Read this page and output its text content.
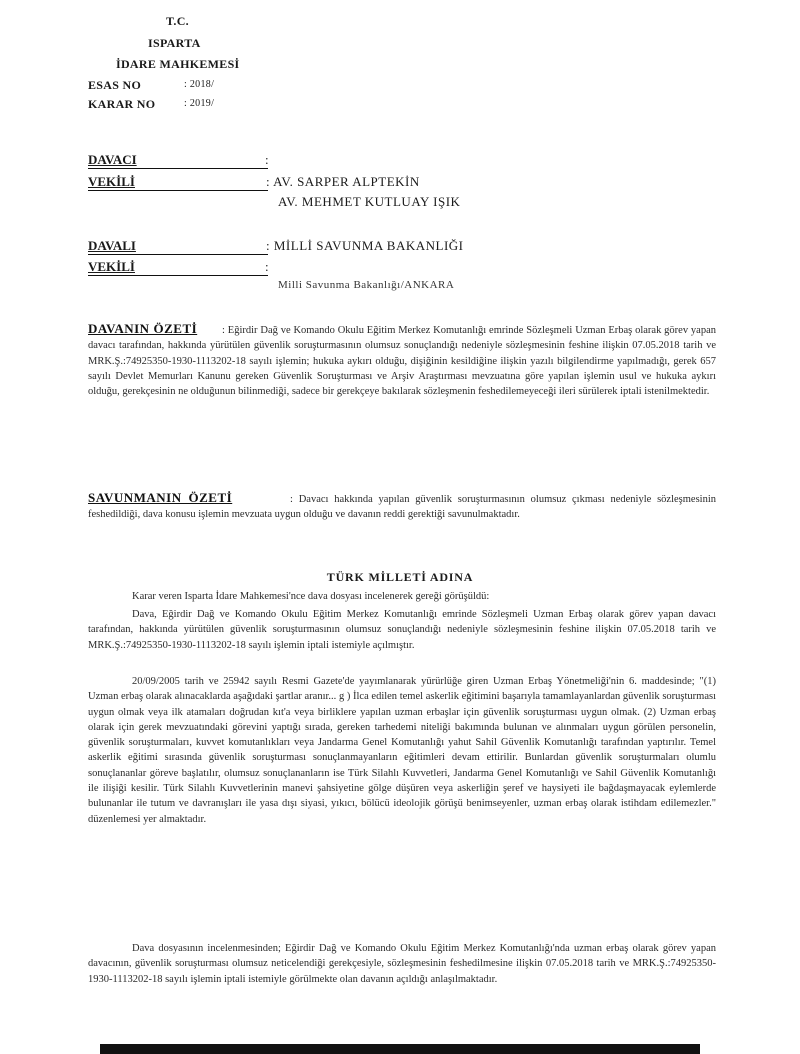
T.C.
ISPARTA
İDARE MAHKEMESİ
ESAS NO	: 2018/
KARAR NO	: 2019/
DAVACI	:
VEKİLİ	: AV. SARPER ALPTEKİN
AV. MEHMET KUTLUAY IŞIK
DAVALI	: MİLLİ SAVUNMA BAKANLIĞI
VEKİLİ	:
Milli Savunma Bakanlığı/ANKARA
DAVANIN ÖZETİ : Eğirdir Dağ ve Komando Okulu Eğitim Merkez Komutanlığı emrinde Sözleşmeli Uzman Erbaş olarak görev yapan davacı tarafından, hakkında yürütülen güvenlik soruşturmasının olumsuz sonuçlandığı nedeniyle sözleşmesinin feshine ilişkin 07.05.2018 tarih ve MRK.Ş.:74925350-1930-1113202-18 sayılı işlemin; hukuka aykırı olduğu, dişiğinin kesildiğine ilişkin yazılı bilgilendirme yapılmadığı, gerek 657 sayılı Devlet Memurları Kanunu gereken Güvenlik Soruşturması ve Arşiv Araştırması mevzuatına göre yapılan işlemin usul ve hukuka aykırı olduğu, gerekçesinin ne olduğunun bilinmediği, sadece bir gerekçeye bakılarak sözleşmenin feshedilemeyeceği ileri sürülerek iptali istenilmektedir.
SAVUNMANIN ÖZETİ	: Davacı hakkında yapılan güvenlik soruşturmasının olumsuz çıkması nedeniyle sözleşmesinin feshedildiği, dava konusu işlemin mevzuata uygun olduğu ve davanın reddi gerektiği savunulmaktadır.
TÜRK MİLLETİ ADINA
Karar veren Isparta İdare Mahkemesi'nce dava dosyası incelenerek gereği görüşüldü:
Dava, Eğirdir Dağ ve Komando Okulu Eğitim Merkez Komutanlığı emrinde Sözleşmeli Uzman Erbaş olarak görev yapan davacı tarafından, hakkında yürütülen güvenlik soruşturmasının olumsuz sonuçlandığı nedeniyle sözleşmesinin feshine ilişkin 07.05.2018 tarih ve MRK.Ş.:74925350-1930-1113202-18 sayılı işlemin iptali istemiyle açılmıştır.
20/09/2005 tarih ve 25942 sayılı Resmi Gazete'de yayımlanarak yürürlüğe giren Uzman Erbaş Yönetmeliği'nin 6. maddesinde; "(1) Uzman erbaş olarak alınacaklarda aşağıdaki şartlar aranır... g ) İlca edilen temel askerlik eğitimini başarıyla tamamlayanlardan güvenlik soruşturması uygun olmak veya ilk atamaları doğrudan kıt'a veya birliklere yapılan uzman erbaşlar için güvenlik soruşturması uygun olmak. (2) Uzman erbaş olarak için gerek mevzuatındaki görevini yaptığı sırada, gereken tarhedemi niteliği bakımında bulunan ve alınmaları uygun görülen personelin, güvenlik soruşturmaları, kuvvet komutanlıkları veya Jandarma Genel Komutanlığı yahut Sahil Güvenlik Komutanlığı tarafından yaptırılır. Temel askerlik eğitimi sırasında güvenlik soruşturması sonuçlanmayanların eğitimleri devam ettirilir. Bunlardan güvenlik soruşturmaları olumlu sonuçlananlar göreve başlatılır, olumsuz sonuçlananların ise Türk Silahlı Kuvvetleri, Jandarma Genel Komutanlığı ve Sahil Güvenlik Komutanlığı ile ilişiği kesilir. Türk Silahlı Kuvvetlerinin manevi şahsiyetine gölge düşüren veya askerliğin şeref ve haysiyeti ile bağdaşmayacak eylemlerde bulunanlar ile tutum ve davranışları ile yasa dışı siyasi, yıkıcı, bölücü ideolojik görüşü benimseyenler, uzman erbaş olarak istihdam edilemezler." düzenlemesi yer almaktadır.
Dava dosyasının incelenmesinden; Eğirdir Dağ ve Komando Okulu Eğitim Merkez Komutanlığı'nda uzman erbaş olarak görev yapan davacının, güvenlik soruşturması olumsuz neticelendiği gerekçesiyle, sözleşmesinin feshedilmesine ilişkin 07.05.2018 tarih ve MRK.Ş.:74925350-1930-1113202-18 sayılı işlemin iptali istemiyle görülmekte olan davanın açıldığı anlaşılmaktadır.
